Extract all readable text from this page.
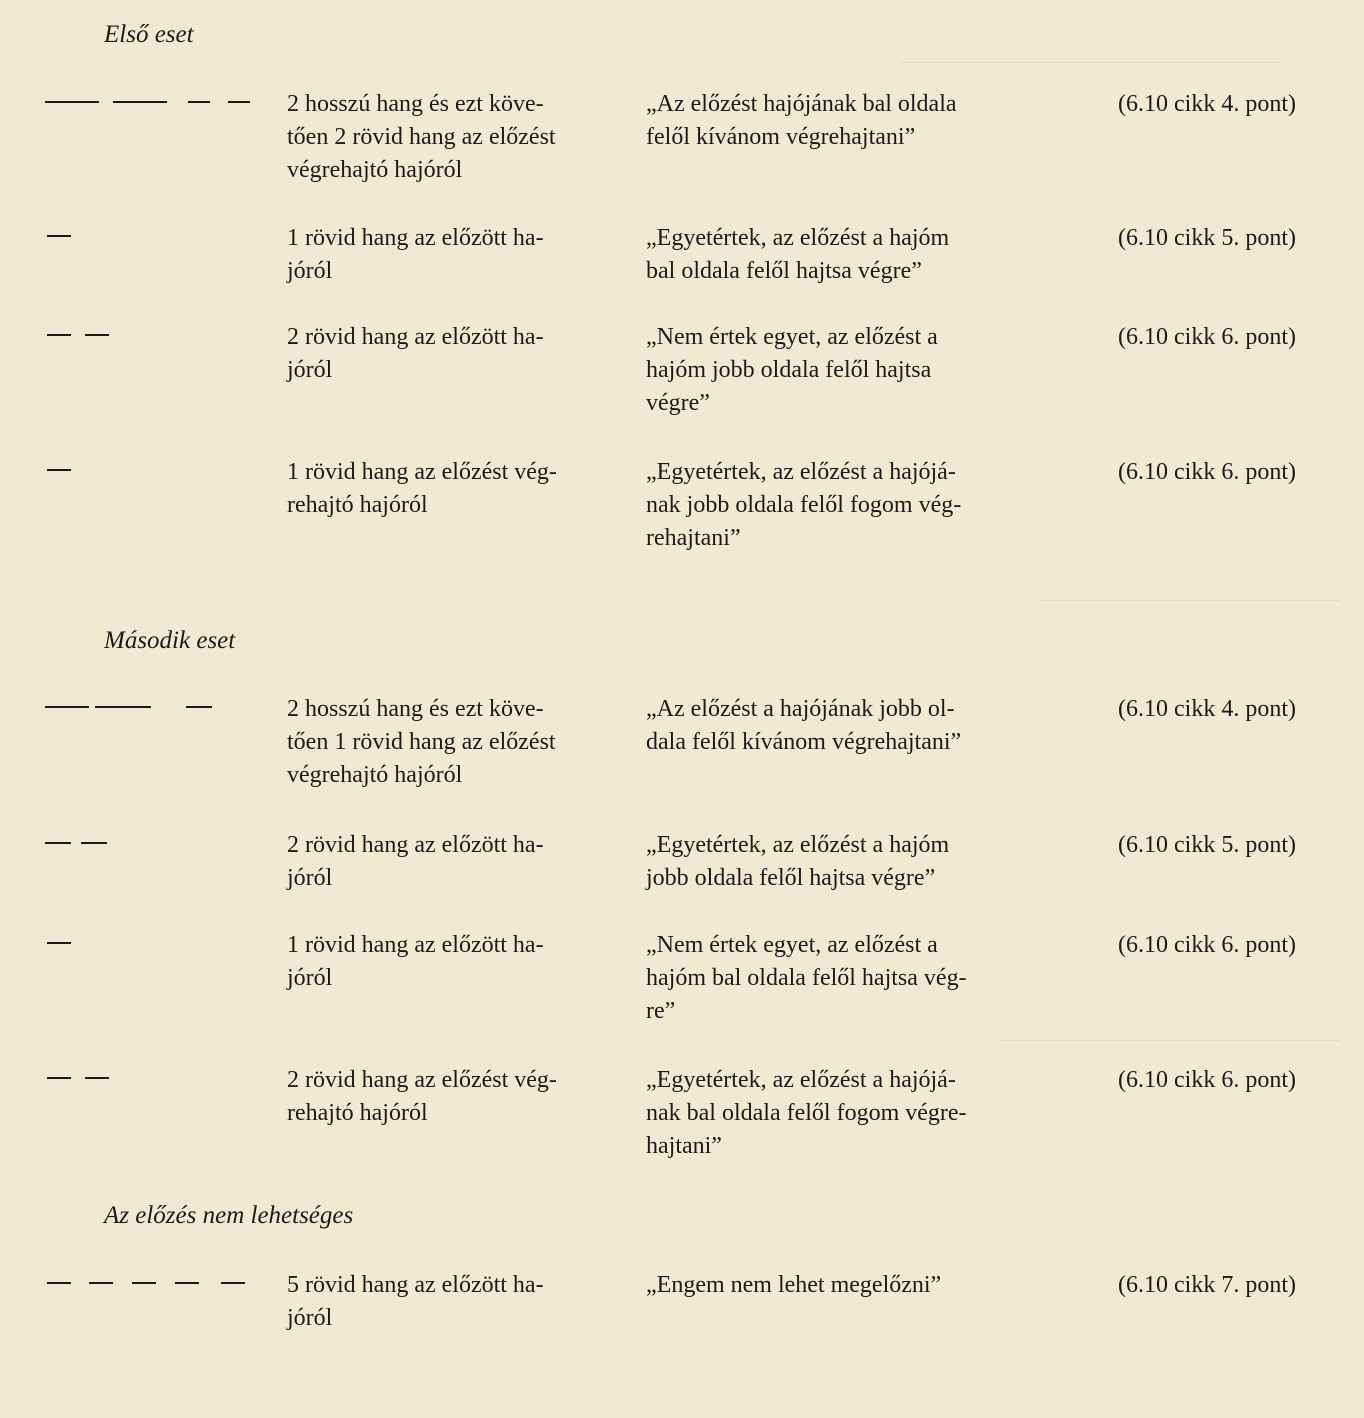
Első eset

2 hosszú hang és ezt köve-
tően 2 rövid hang az előzést
végrehajtó hajóról

„Az előzést hajójának bal oldala
felől kívánom végrehajtani”

(6.10 cikk 4. pont)

1 rövid hang az előzött ha-
jóról

„Egyetértek, az előzést a hajóm
bal oldala felől hajtsa végre”

(6.10 cikk 5. pont)

2 rövid hang az előzött ha-
jóról

„Nem értek egyet, az előzést a
hajóm jobb oldala felől hajtsa
végre”

(6.10 cikk 6. pont)

1 rövid hang az előzést vég-
rehajtó hajóról

„Egyetértek, az előzést a hajójá-
nak jobb oldala felől fogom vég-
rehajtani”

(6.10 cikk 6. pont)

Második eset

2 hosszú hang és ezt köve-
tően 1 rövid hang az előzést
végrehajtó hajóról

„Az előzést a hajójának jobb ol-
dala felől kívánom végrehajtani”

(6.10 cikk 4. pont)

2 rövid hang az előzött ha-
jóról

„Egyetértek, az előzést a hajóm
jobb oldala felől hajtsa végre”

(6.10 cikk 5. pont)

1 rövid hang az előzött ha-
jóról

„Nem értek egyet, az előzést a
hajóm bal oldala felől hajtsa vég-
re”

(6.10 cikk 6. pont)

2 rövid hang az előzést vég-
rehajtó hajóról

„Egyetértek, az előzést a hajójá-
nak bal oldala felől fogom végre-
hajtani”

(6.10 cikk 6. pont)

Az előzés nem lehetséges

5 rövid hang az előzött ha-
jóról

„Engem nem lehet megelőzni”	(6.10 cikk 7. pont)
